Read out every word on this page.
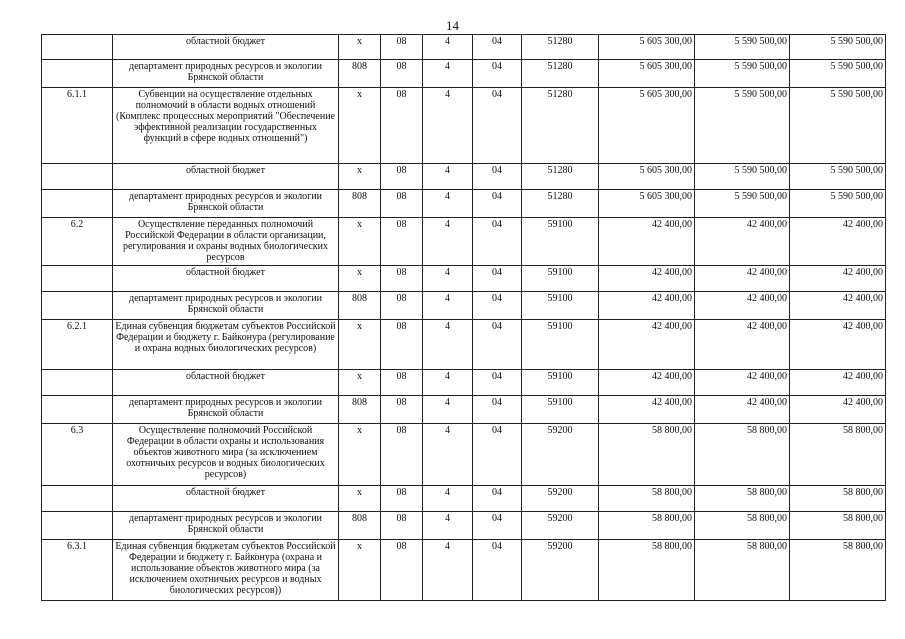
14
	областной бюджет	x	08	4	04	51280	5 605 300,00	5 590 500,00	5 590 500,00
	департамент природных ресурсов и экологии Брянской области	808	08	4	04	51280	5 605 300,00	5 590 500,00	5 590 500,00
6.1.1	Субвенции на осуществление отдельных полномочий в области водных отношений (Комплекс процессных мероприятий "Обеспечение эффективной реализации государственных функций в сфере водных отношений")	x	08	4	04	51280	5 605 300,00	5 590 500,00	5 590 500,00
	областной бюджет	x	08	4	04	51280	5 605 300,00	5 590 500,00	5 590 500,00
	департамент природных ресурсов и экологии Брянской области	808	08	4	04	51280	5 605 300,00	5 590 500,00	5 590 500,00
6.2	Осуществление переданных полномочий Российской Федерации в области организации, регулирования и охраны водных биологических ресурсов	x	08	4	04	59100	42 400,00	42 400,00	42 400,00
	областной бюджет	x	08	4	04	59100	42 400,00	42 400,00	42 400,00
	департамент природных ресурсов и экологии Брянской области	808	08	4	04	59100	42 400,00	42 400,00	42 400,00
6.2.1	Единая субвенция бюджетам субъектов Российской Федерации и бюджету г. Байконура (регулирование и охрана водных биологических ресурсов)	x	08	4	04	59100	42 400,00	42 400,00	42 400,00
	областной бюджет	x	08	4	04	59100	42 400,00	42 400,00	42 400,00
	департамент природных ресурсов и экологии Брянской области	808	08	4	04	59100	42 400,00	42 400,00	42 400,00
6.3	Осуществление полномочий Российской Федерации в области охраны и использования объектов животного мира (за исключением охотничьих ресурсов и водных биологических ресурсов)	x	08	4	04	59200	58 800,00	58 800,00	58 800,00
	областной бюджет	x	08	4	04	59200	58 800,00	58 800,00	58 800,00
	департамент природных ресурсов и экологии Брянской области	808	08	4	04	59200	58 800,00	58 800,00	58 800,00
6.3.1	Единая субвенция бюджетам субъектов Российской Федерации и бюджету г. Байконура (охрана и использование объектов животного мира (за исключением охотничьих ресурсов и водных биологических ресурсов))	x	08	4	04	59200	58 800,00	58 800,00	58 800,00
